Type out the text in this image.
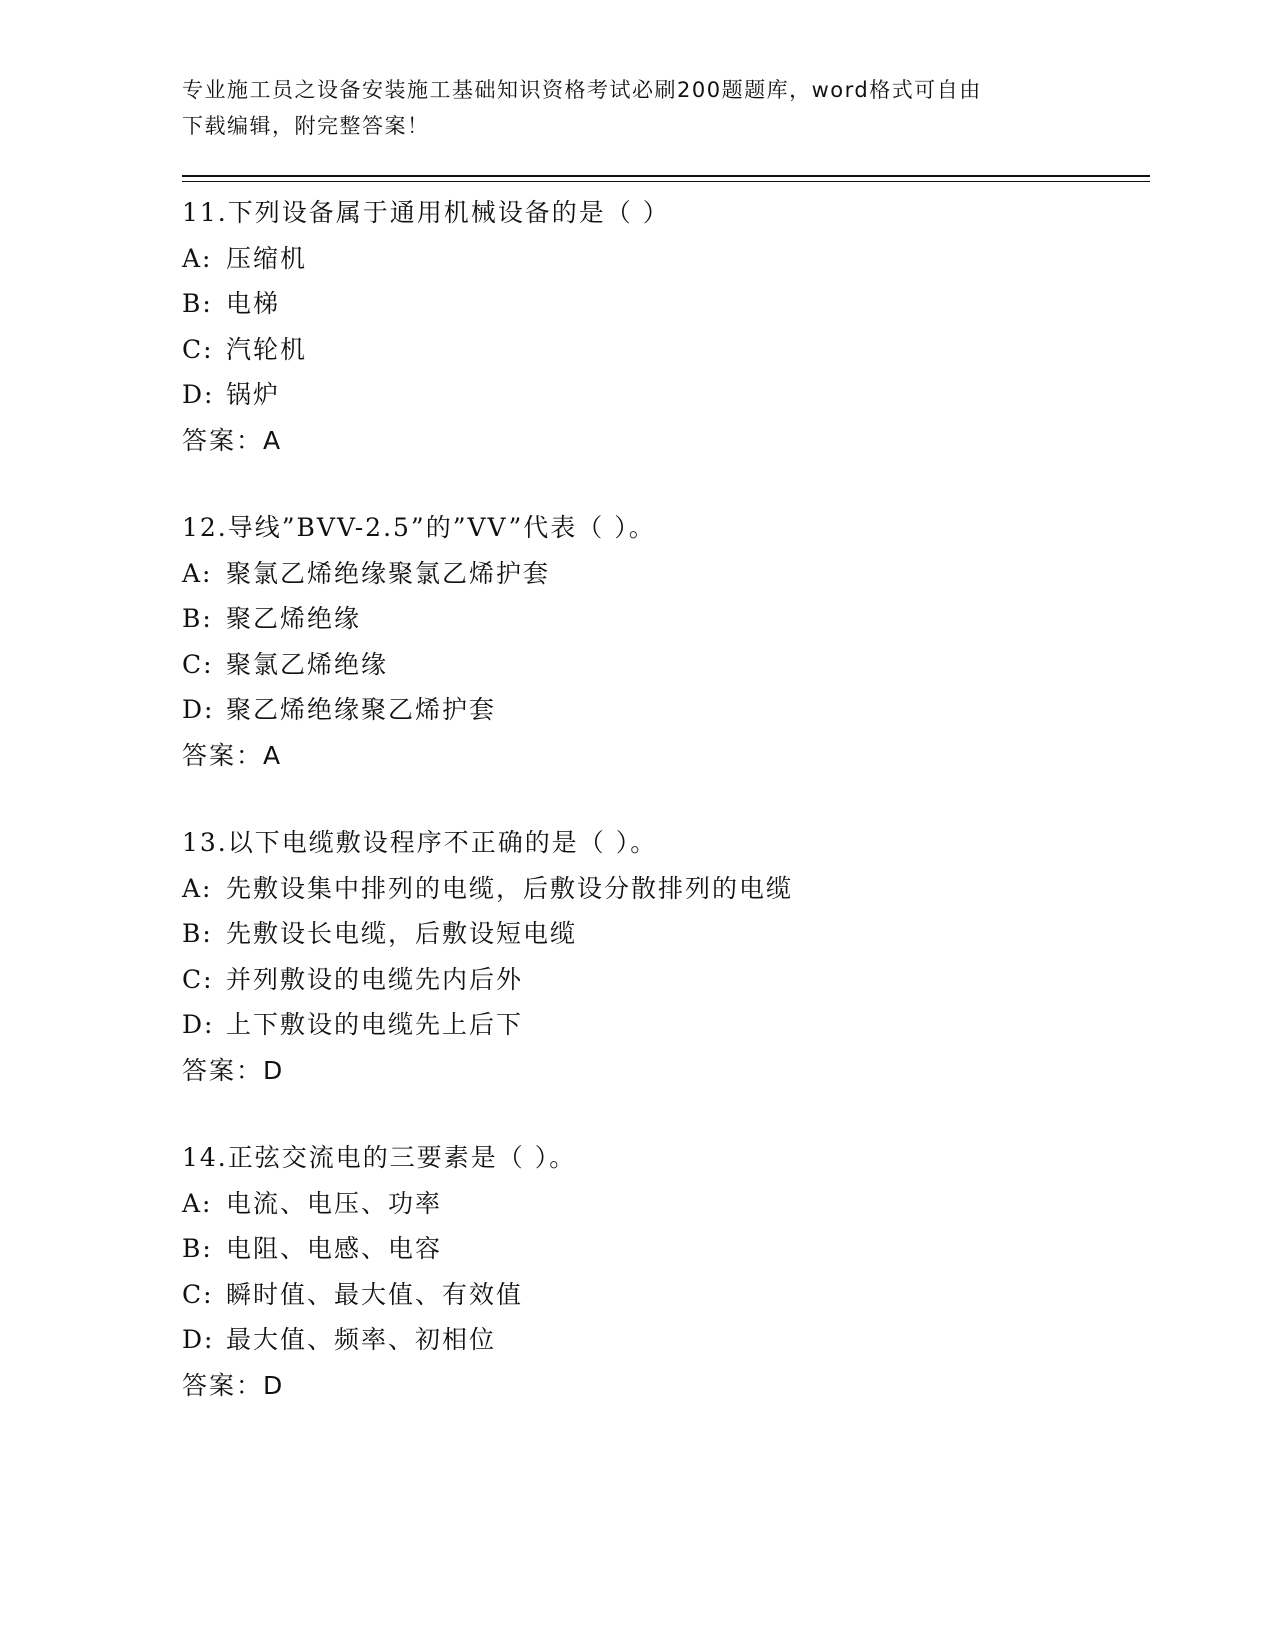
专业施工员之设备安装施工基础知识资格考试必刷200题题库，word格式可自由
下载编辑，附完整答案！
11.下列设备属于通用机械设备的是（ ）
A: 压缩机
B: 电梯
C: 汽轮机
D: 锅炉
答案：A
12.导线”BVV-2.5”的”VV”代表（ ）。
A: 聚氯乙烯绝缘聚氯乙烯护套
B: 聚乙烯绝缘
C: 聚氯乙烯绝缘
D: 聚乙烯绝缘聚乙烯护套
答案：A
13.以下电缆敷设程序不正确的是（ ）。
A: 先敷设集中排列的电缆，后敷设分散排列的电缆
B: 先敷设长电缆，后敷设短电缆
C: 并列敷设的电缆先内后外
D: 上下敷设的电缆先上后下
答案：D
14.正弦交流电的三要素是（ ）。
A: 电流、电压、功率
B: 电阻、电感、电容
C: 瞬时值、最大值、有效值
D: 最大值、频率、初相位
答案：D
